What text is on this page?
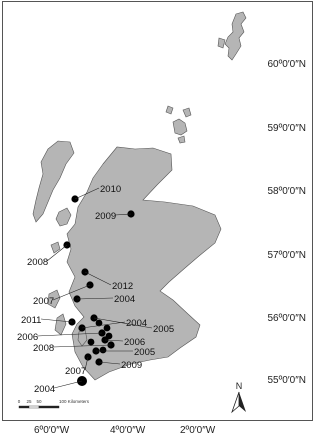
2010
2009
2008
2012
2007	2004
2011	2004
2005
2006	2006
2008	2005
2007
2009
2004
0 25 50	100 Kilometers
N
60º0′0″N
59º0′0″N
58º0′0″N
57º0′0″N
56º0′0″N
55º0′0″N
6º0′0″W	4º0′0″W	2º0′0″W
